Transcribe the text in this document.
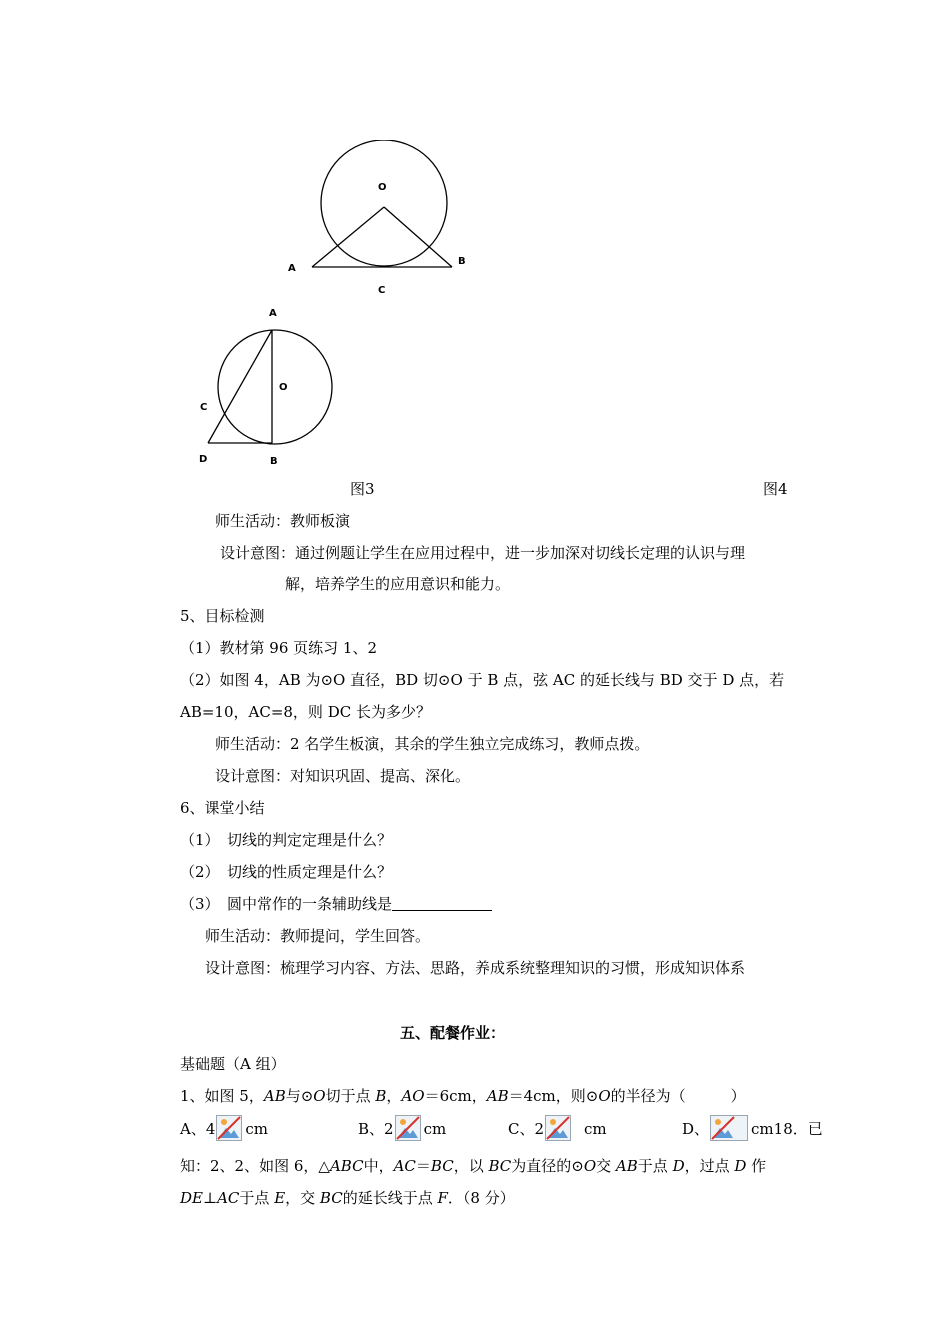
O
A
B
C
A
O
C
D	B
图3	图4
师生活动：教师板演
设计意图：通过例题让学生在应用过程中，进一步加深对切线长定理的认识与理
解，培养学生的应用意识和能力。
5、目标检测
（1）教材第 96 页练习 1、2
（2）如图 4，AB 为⊙O 直径，BD 切⊙O 于 B 点，弦 AC 的延长线与 BD 交于 D 点，若
AB=10，AC=8，则 DC 长为多少？
师生活动：2 名学生板演，其余的学生独立完成练习，教师点拨。
设计意图：对知识巩固、提高、深化。
6、课堂小结
（1）　切线的判定定理是什么？
（2）　切线的性质定理是什么？
（3）　圆中常作的一条辅助线是
师生活动：教师提问，学生回答。
设计意图：梳理学习内容、方法、思路，养成系统整理知识的习惯，形成知识体系
五、配餐作业：
基础题（A 组）
1、如图 5，AB与⊙O切于点 B，AO＝6cm，AB＝4cm，则⊙O的半径为（　　　）
A、4 cm	B、2 cm	C、2	cm	D、	cm18．已
知：2、2、如图 6，△ABC中，AC＝BC，以 BC为直径的⊙O交 AB于点 D，过点 D 作
DE⊥AC于点 E，交 BC的延长线于点 F．（8 分）
